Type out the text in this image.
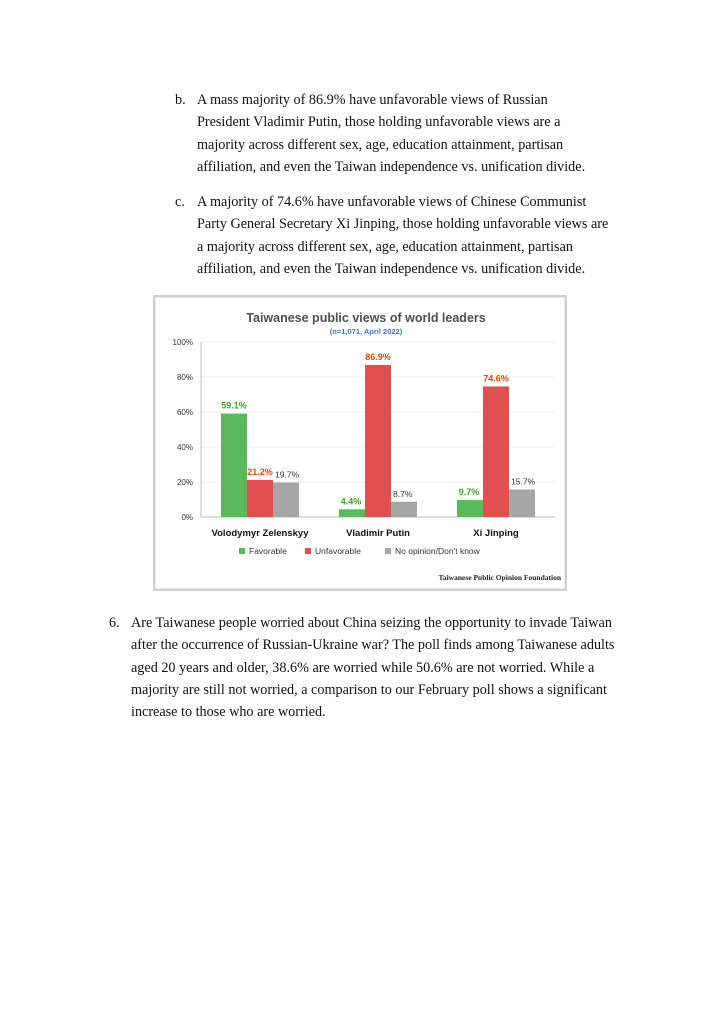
b. A mass majority of 86.9% have unfavorable views of Russian President Vladimir Putin, those holding unfavorable views are a majority across different sex, age, education attainment, partisan affiliation, and even the Taiwan independence vs. unification divide.

c. A majority of 74.6% have unfavorable views of Chinese Communist Party General Secretary Xi Jinping, those holding unfavorable views are a majority across different sex, age, education attainment, partisan affiliation, and even the Taiwan independence vs. unification divide.

Taiwanese public views of world leaders
(n=1,071, April 2022)
0%
20%
40%
60%
80%
100%
59.1%
21.2% 19.7%
Volodymyr Zelenskyy
4.4%
86.9%
8.7%
Vladimir Putin
9.7%
74.6%
15.7%
Xi Jinping
Favorable	Unfavorable	No opinion/Don't know
Taiwanese Public Opinion Foundation
6. Are Taiwanese people worried about China seizing the opportunity to invade Taiwan after the occurrence of Russian-Ukraine war? The poll finds among Taiwanese adults aged 20 years and older, 38.6% are worried while 50.6% are not worried. While a majority are still not worried, a comparison to our February poll shows a significant increase to those who are worried.
